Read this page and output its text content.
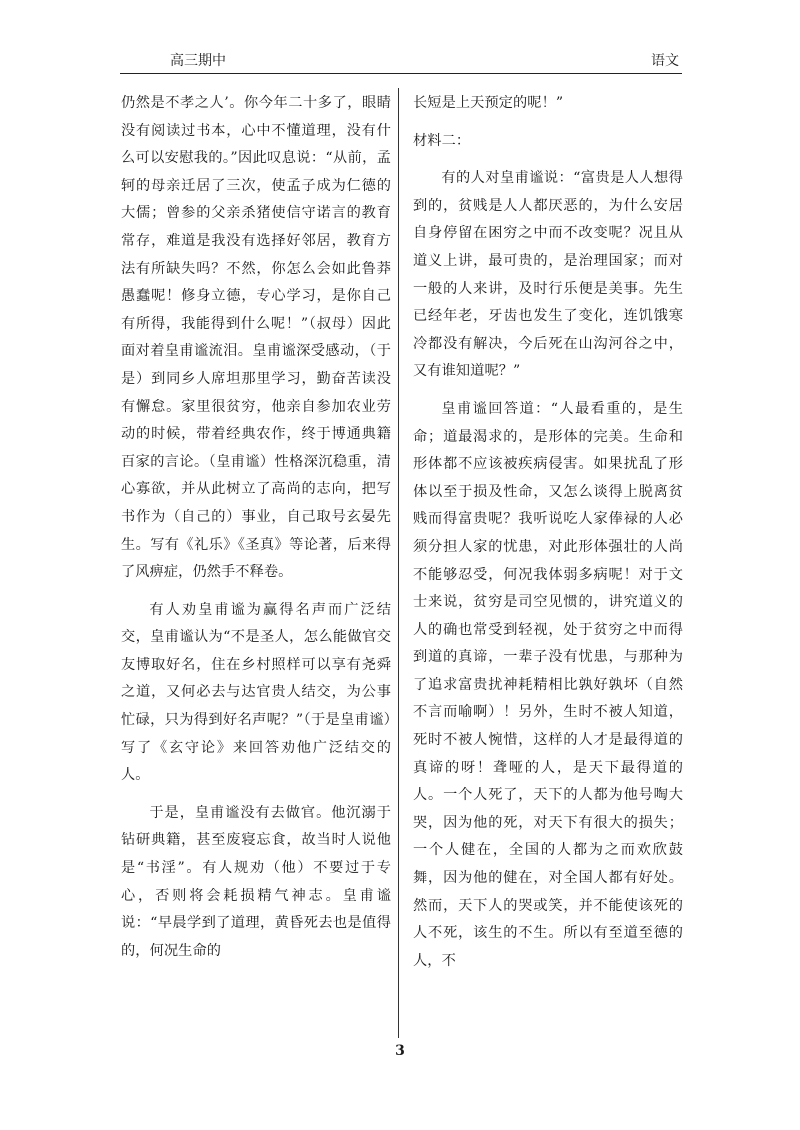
高三期中	语文

仍然是不孝之人’。你今年二十多了，眼睛没有阅读过书本，心中不懂道理，没有什么可以安慰我的。”因此叹息说：“从前，孟轲的母亲迁居了三次，使孟子成为仁德的大儒；曾参的父亲杀猪使信守诺言的教育常存，难道是我没有选择好邻居，教育方法有所缺失吗？不然，你怎么会如此鲁莽愚蠢呢！修身立德，专心学习，是你自己有所得，我能得到什么呢！”（叔母）因此面对着皇甫谧流泪。皇甫谧深受感动，（于是）到同乡人席坦那里学习，勤奋苦读没有懈怠。家里很贫穷，他亲自参加农业劳动的时候，带着经典农作，终于博通典籍百家的言论。（皇甫谧）性格深沉稳重，清心寡欲，并从此树立了高尚的志向，把写书作为（自己的）事业，自己取号玄晏先生。写有《礼乐》《圣真》等论著，后来得了风痹症，仍然手不释卷。

有人劝皇甫谧为赢得名声而广泛结交，皇甫谧认为“不是圣人，怎么能做官交友博取好名，住在乡村照样可以享有尧舜之道，又何必去与达官贵人结交，为公事忙碌，只为得到好名声呢？”（于是皇甫谧）写了《玄守论》来回答劝他广泛结交的人。

于是，皇甫谧没有去做官。他沉溺于钻研典籍，甚至废寝忘食，故当时人说他是“书淫”。有人规劝（他）不要过于专心，否则将会耗损精气神志。皇甫谧说：“早晨学到了道理，黄昏死去也是值得的，何况生命的

长短是上天预定的呢！”

材料二：

有的人对皇甫谧说：“富贵是人人想得到的，贫贱是人人都厌恶的，为什么安居自身停留在困穷之中而不改变呢？况且从道义上讲，最可贵的，是治理国家；而对一般的人来讲，及时行乐便是美事。先生已经年老，牙齿也发生了变化，连饥饿寒冷都没有解决，今后死在山沟河谷之中，又有谁知道呢？”

皇甫谧回答道：“人最看重的，是生命；道最渴求的，是形体的完美。生命和形体都不应该被疾病侵害。如果扰乱了形体以至于损及性命，又怎么谈得上脱离贫贱而得富贵呢？我听说吃人家俸禄的人必须分担人家的忧患，对此形体强壮的人尚不能够忍受，何况我体弱多病呢！对于文士来说，贫穷是司空见惯的，讲究道义的人的确也常受到轻视，处于贫穷之中而得到道的真谛，一辈子没有忧患，与那种为了追求富贵扰神耗精相比孰好孰坏（自然不言而喻啊）！另外，生时不被人知道，死时不被人惋惜，这样的人才是最得道的真谛的呀！聋哑的人，是天下最得道的人。一个人死了，天下的人都为他号啕大哭，因为他的死，对天下有很大的损失；一个人健在，全国的人都为之而欢欣鼓舞，因为他的健在，对全国人都有好处。然而，天下人的哭或笑，并不能使该死的人不死，该生的不生。所以有至道至德的人，不

3
